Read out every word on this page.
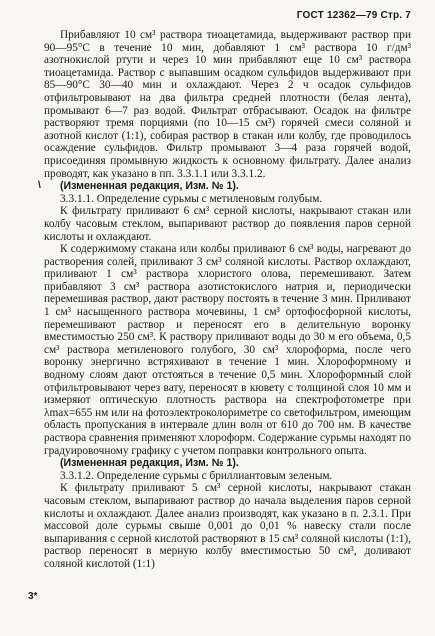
ГОСТ 12362—79 Стр. 7

Прибавляют 10 см³ раствора тиоацетамида, выдерживают раствор при 90—95°С в течение 10 мин, добавляют 1 см³ раствора 10 г/дм³ азотнокислой ртути и через 10 мин прибавляют еще 10 см³ раствора тиоацетамида. Раствор с выпавшим осадком сульфидов выдерживают при 85—90°С 30—40 мин и охлаждают. Через 2 ч осадок сульфидов отфильтровывают на два фильтра средней плотности (белая лента), промывают 6—7 раз водой. Фильтрат отбрасывают. Осадок на фильтре растворяют тремя порциями (по 10—15 см³) горячей смеси соляной и азотной кислот (1:1), собирая раствор в стакан или колбу, где проводилось осаждение сульфидов. Фильтр промывают 3—4 раза горячей водой, присоединяя промывную жидкость к основному фильтрату. Далее анализ проводят, как указано в пп. 3.3.1.1 или 3.3.1.2.

\ (Измененная редакция, Изм. № 1).

3.3.1.1. Определение сурьмы с метиленовым голубым.

К фильтрату приливают 6 см³ серной кислоты, накрывают стакан или колбу часовым стеклом, выпаривают раствор до появления паров серной кислоты и охлаждают.

К содержимому стакана или колбы приливают 6 см³ воды, нагревают до растворения солей, приливают 3 см³ соляной кислоты. Раствор охлаждают, приливают 1 см³ раствора хлористого олова, перемешивают. Затем прибавляют 3 см³ раствора азотистокислого натрия и, периодически перемешивая раствор, дают раствору постоять в течение 3 мин. Приливают 1 см³ насыщенного раствора мочевины, 1 см³ ортофосфорной кислоты, перемешивают раствор и переносят его в делительную воронку вместимостью 250 см³. К раствору приливают воды до 30 м его объема, 0,5 см³ раствора метиленового голубого, 30 см³ хлороформа, после чего воронку энергично встряхивают в течение 1 мин. Хлороформному и водному слоям дают отстояться в течение 0,5 мин. Хлороформный слой отфильтровывают через вату, переносят в кювету с толщиной слоя 10 мм и измеряют оптическую плотность раствора на спектрофотометре при λmax=655 нм или на фотоэлектроколориметре со светофильтром, имеющим область пропускания в интервале длин волн от 610 до 700 нм. В качестве раствора сравнения применяют хлороформ. Содержание сурьмы находят по градуировочному графику с учетом поправки контрольного опыта.

(Измененная редакция, Изм. № 1).

3.3.1.2. Определение сурьмы с бриллиантовым зеленым.

К фильтрату приливают 5 см³ серной кислоты, накрывают стакан часовым стеклом, выпаривают раствор до начала выделения паров серной кислоты и охлаждают. Далее анализ производят, как указано в п. 2.3.1. При массовой доле сурьмы свыше 0,001 до 0,01 % навеску стали после выпаривания с серной кислотой растворяют в 15 см³ соляной кислоты (1:1), раствор переносят в мерную колбу вместимостью 50 см³, доливают соляной кислотой (1:1)

3*
